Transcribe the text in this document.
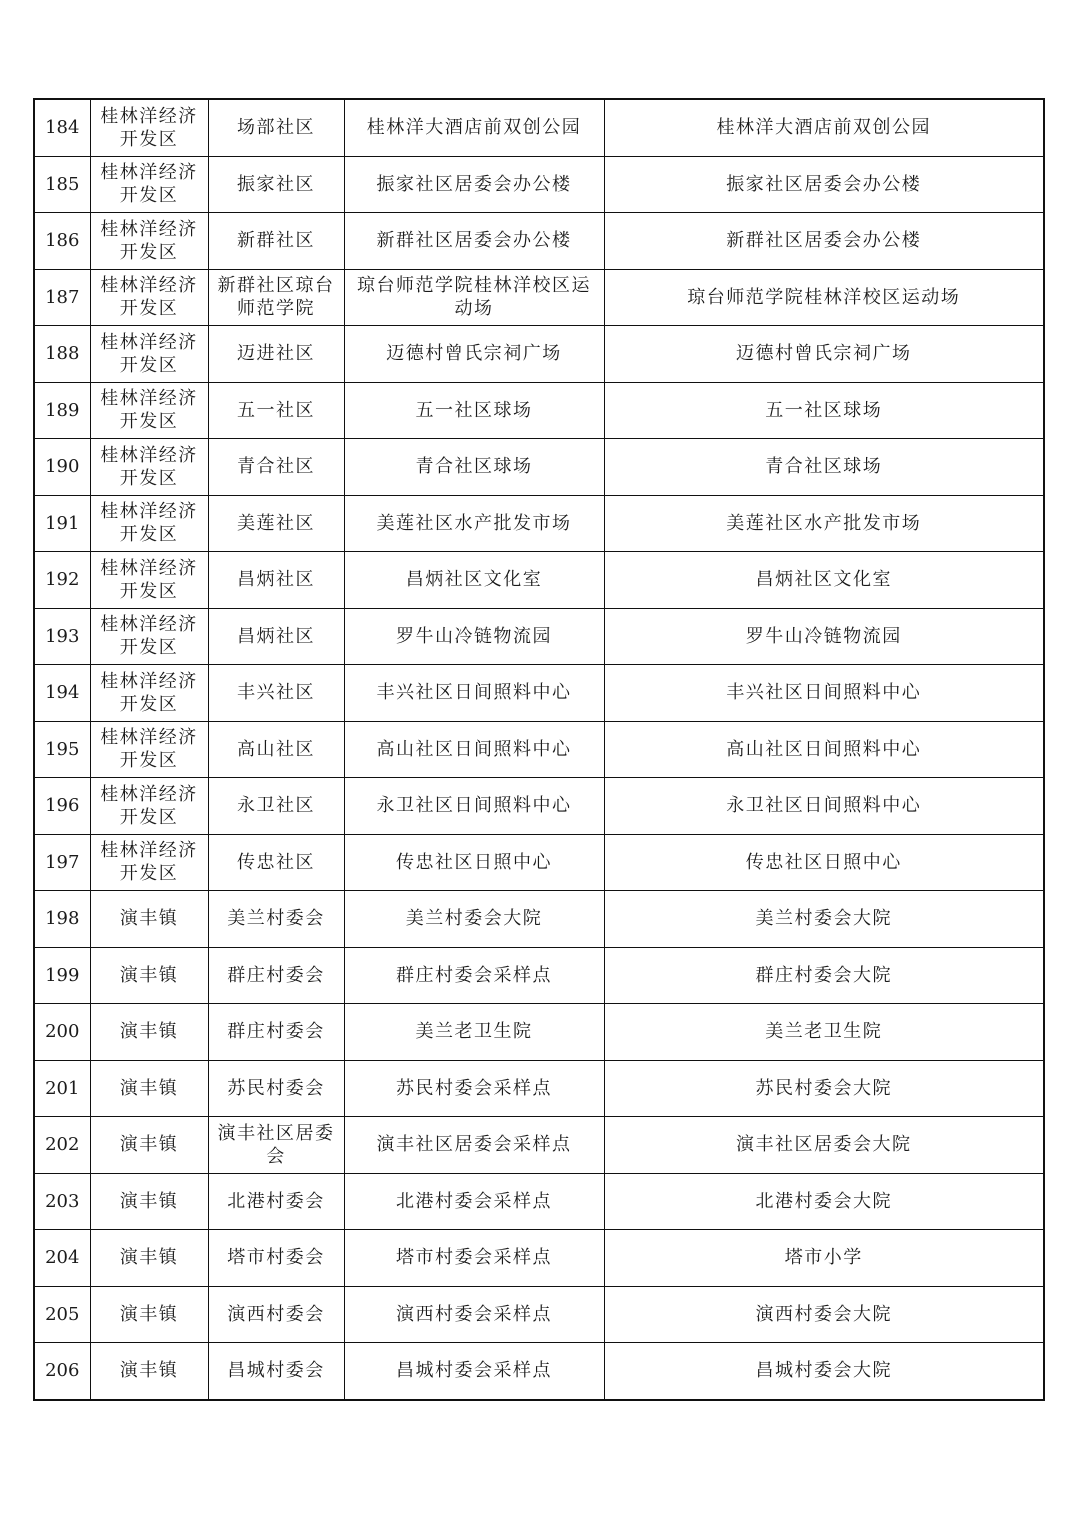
184	桂林洋经济开发区	场部社区	桂林洋大酒店前双创公园	桂林洋大酒店前双创公园
185	桂林洋经济开发区	振家社区	振家社区居委会办公楼	振家社区居委会办公楼
186	桂林洋经济开发区	新群社区	新群社区居委会办公楼	新群社区居委会办公楼
187	桂林洋经济开发区	新群社区琼台师范学院	琼台师范学院桂林洋校区运动场	琼台师范学院桂林洋校区运动场
188	桂林洋经济开发区	迈进社区	迈德村曾氏宗祠广场	迈德村曾氏宗祠广场
189	桂林洋经济开发区	五一社区	五一社区球场	五一社区球场
190	桂林洋经济开发区	青合社区	青合社区球场	青合社区球场
191	桂林洋经济开发区	美莲社区	美莲社区水产批发市场	美莲社区水产批发市场
192	桂林洋经济开发区	昌炳社区	昌炳社区文化室	昌炳社区文化室
193	桂林洋经济开发区	昌炳社区	罗牛山冷链物流园	罗牛山冷链物流园
194	桂林洋经济开发区	丰兴社区	丰兴社区日间照料中心	丰兴社区日间照料中心
195	桂林洋经济开发区	高山社区	高山社区日间照料中心	高山社区日间照料中心
196	桂林洋经济开发区	永卫社区	永卫社区日间照料中心	永卫社区日间照料中心
197	桂林洋经济开发区	传忠社区	传忠社区日照中心	传忠社区日照中心
198	演丰镇	美兰村委会	美兰村委会大院	美兰村委会大院
199	演丰镇	群庄村委会	群庄村委会采样点	群庄村委会大院
200	演丰镇	群庄村委会	美兰老卫生院	美兰老卫生院
201	演丰镇	苏民村委会	苏民村委会采样点	苏民村委会大院
202	演丰镇	演丰社区居委会	演丰社区居委会采样点	演丰社区居委会大院
203	演丰镇	北港村委会	北港村委会采样点	北港村委会大院
204	演丰镇	塔市村委会	塔市村委会采样点	塔市小学
205	演丰镇	演西村委会	演西村委会采样点	演西村委会大院
206	演丰镇	昌城村委会	昌城村委会采样点	昌城村委会大院
